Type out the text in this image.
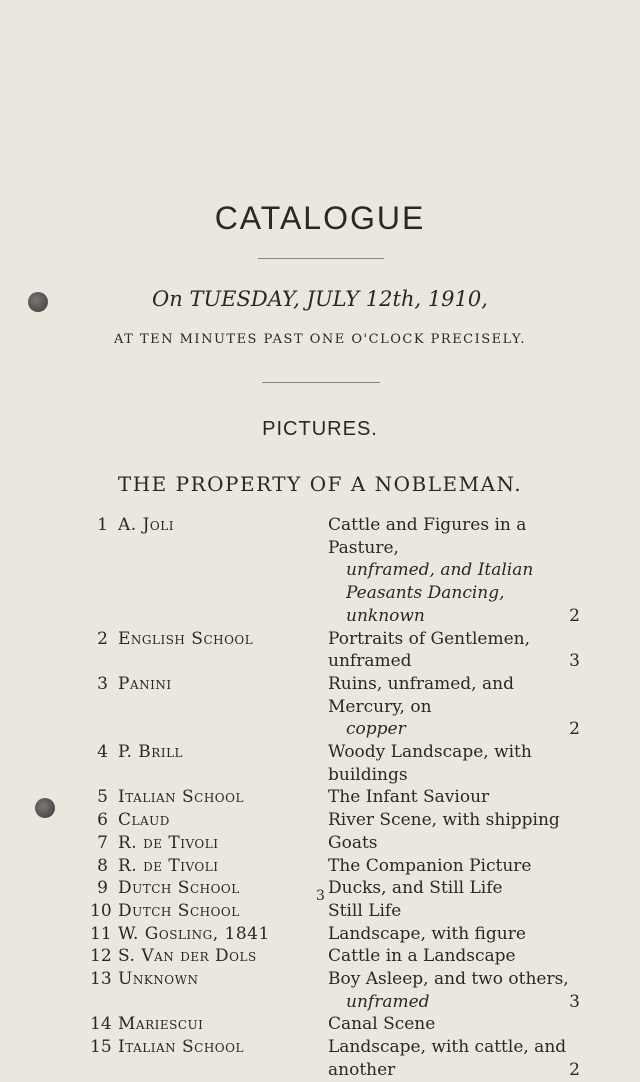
CATALOGUE
On TUESDAY, JULY 12th, 1910,
AT TEN MINUTES PAST ONE O'CLOCK PRECISELY.
PICTURES.
THE PROPERTY OF A NOBLEMAN.
1 A. Joli	Cattle and Figures in a Pasture,
unframed, and Italian Peasants Dancing, unknown	2
2 English School	Portraits of Gentlemen, unframed	3
3 Panini	Ruins, unframed, and Mercury, on
copper	2
4 P. Brill	Woody Landscape, with buildings
5 Italian School	The Infant Saviour
6 Claud	River Scene, with shipping
7 R. de Tivoli	Goats
8 R. de Tivoli	The Companion Picture
9 Dutch School	Ducks, and Still Life
10 Dutch School	Still Life
11 W. Gosling, 1841	Landscape, with figure
12 S. Van der Dols	Cattle in a Landscape
13 Unknown	Boy Asleep, and two others,
unframed	3
14 Mariescui	Canal Scene
15 Italian School	Landscape, with cattle, and another	2
3
